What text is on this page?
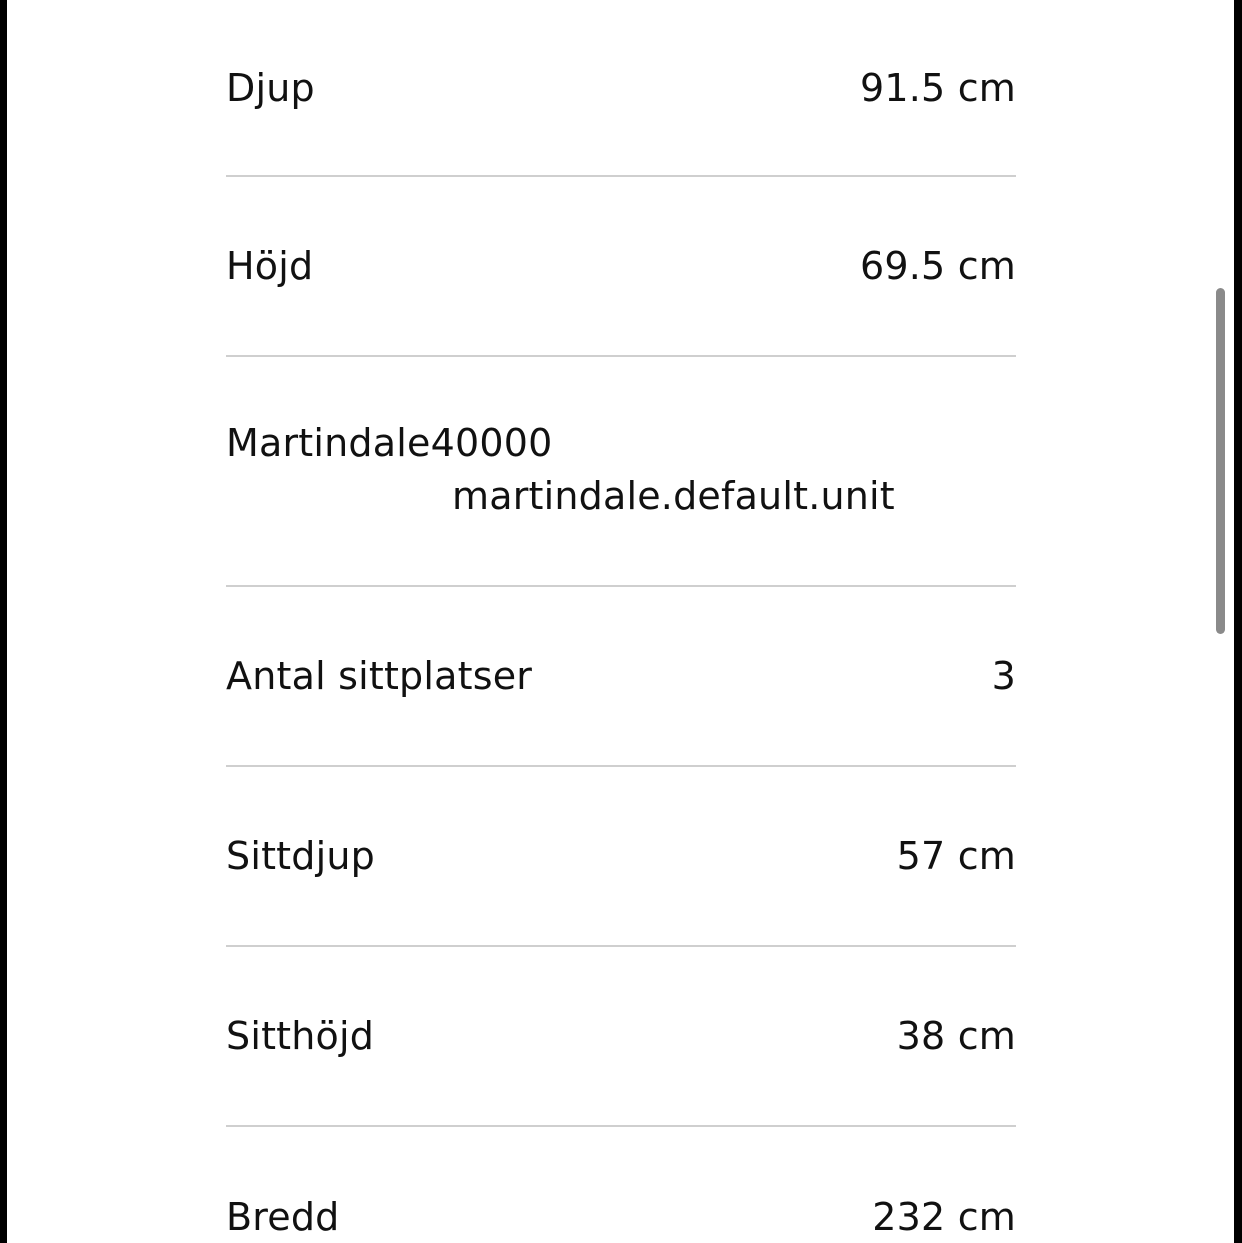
Djup	91.5 cm
Höjd	69.5 cm
Martindale40000
martindale.default.unit
Antal sittplatser	3
Sittdjup	57 cm
Sitthöjd	38 cm
Bredd	232 cm
